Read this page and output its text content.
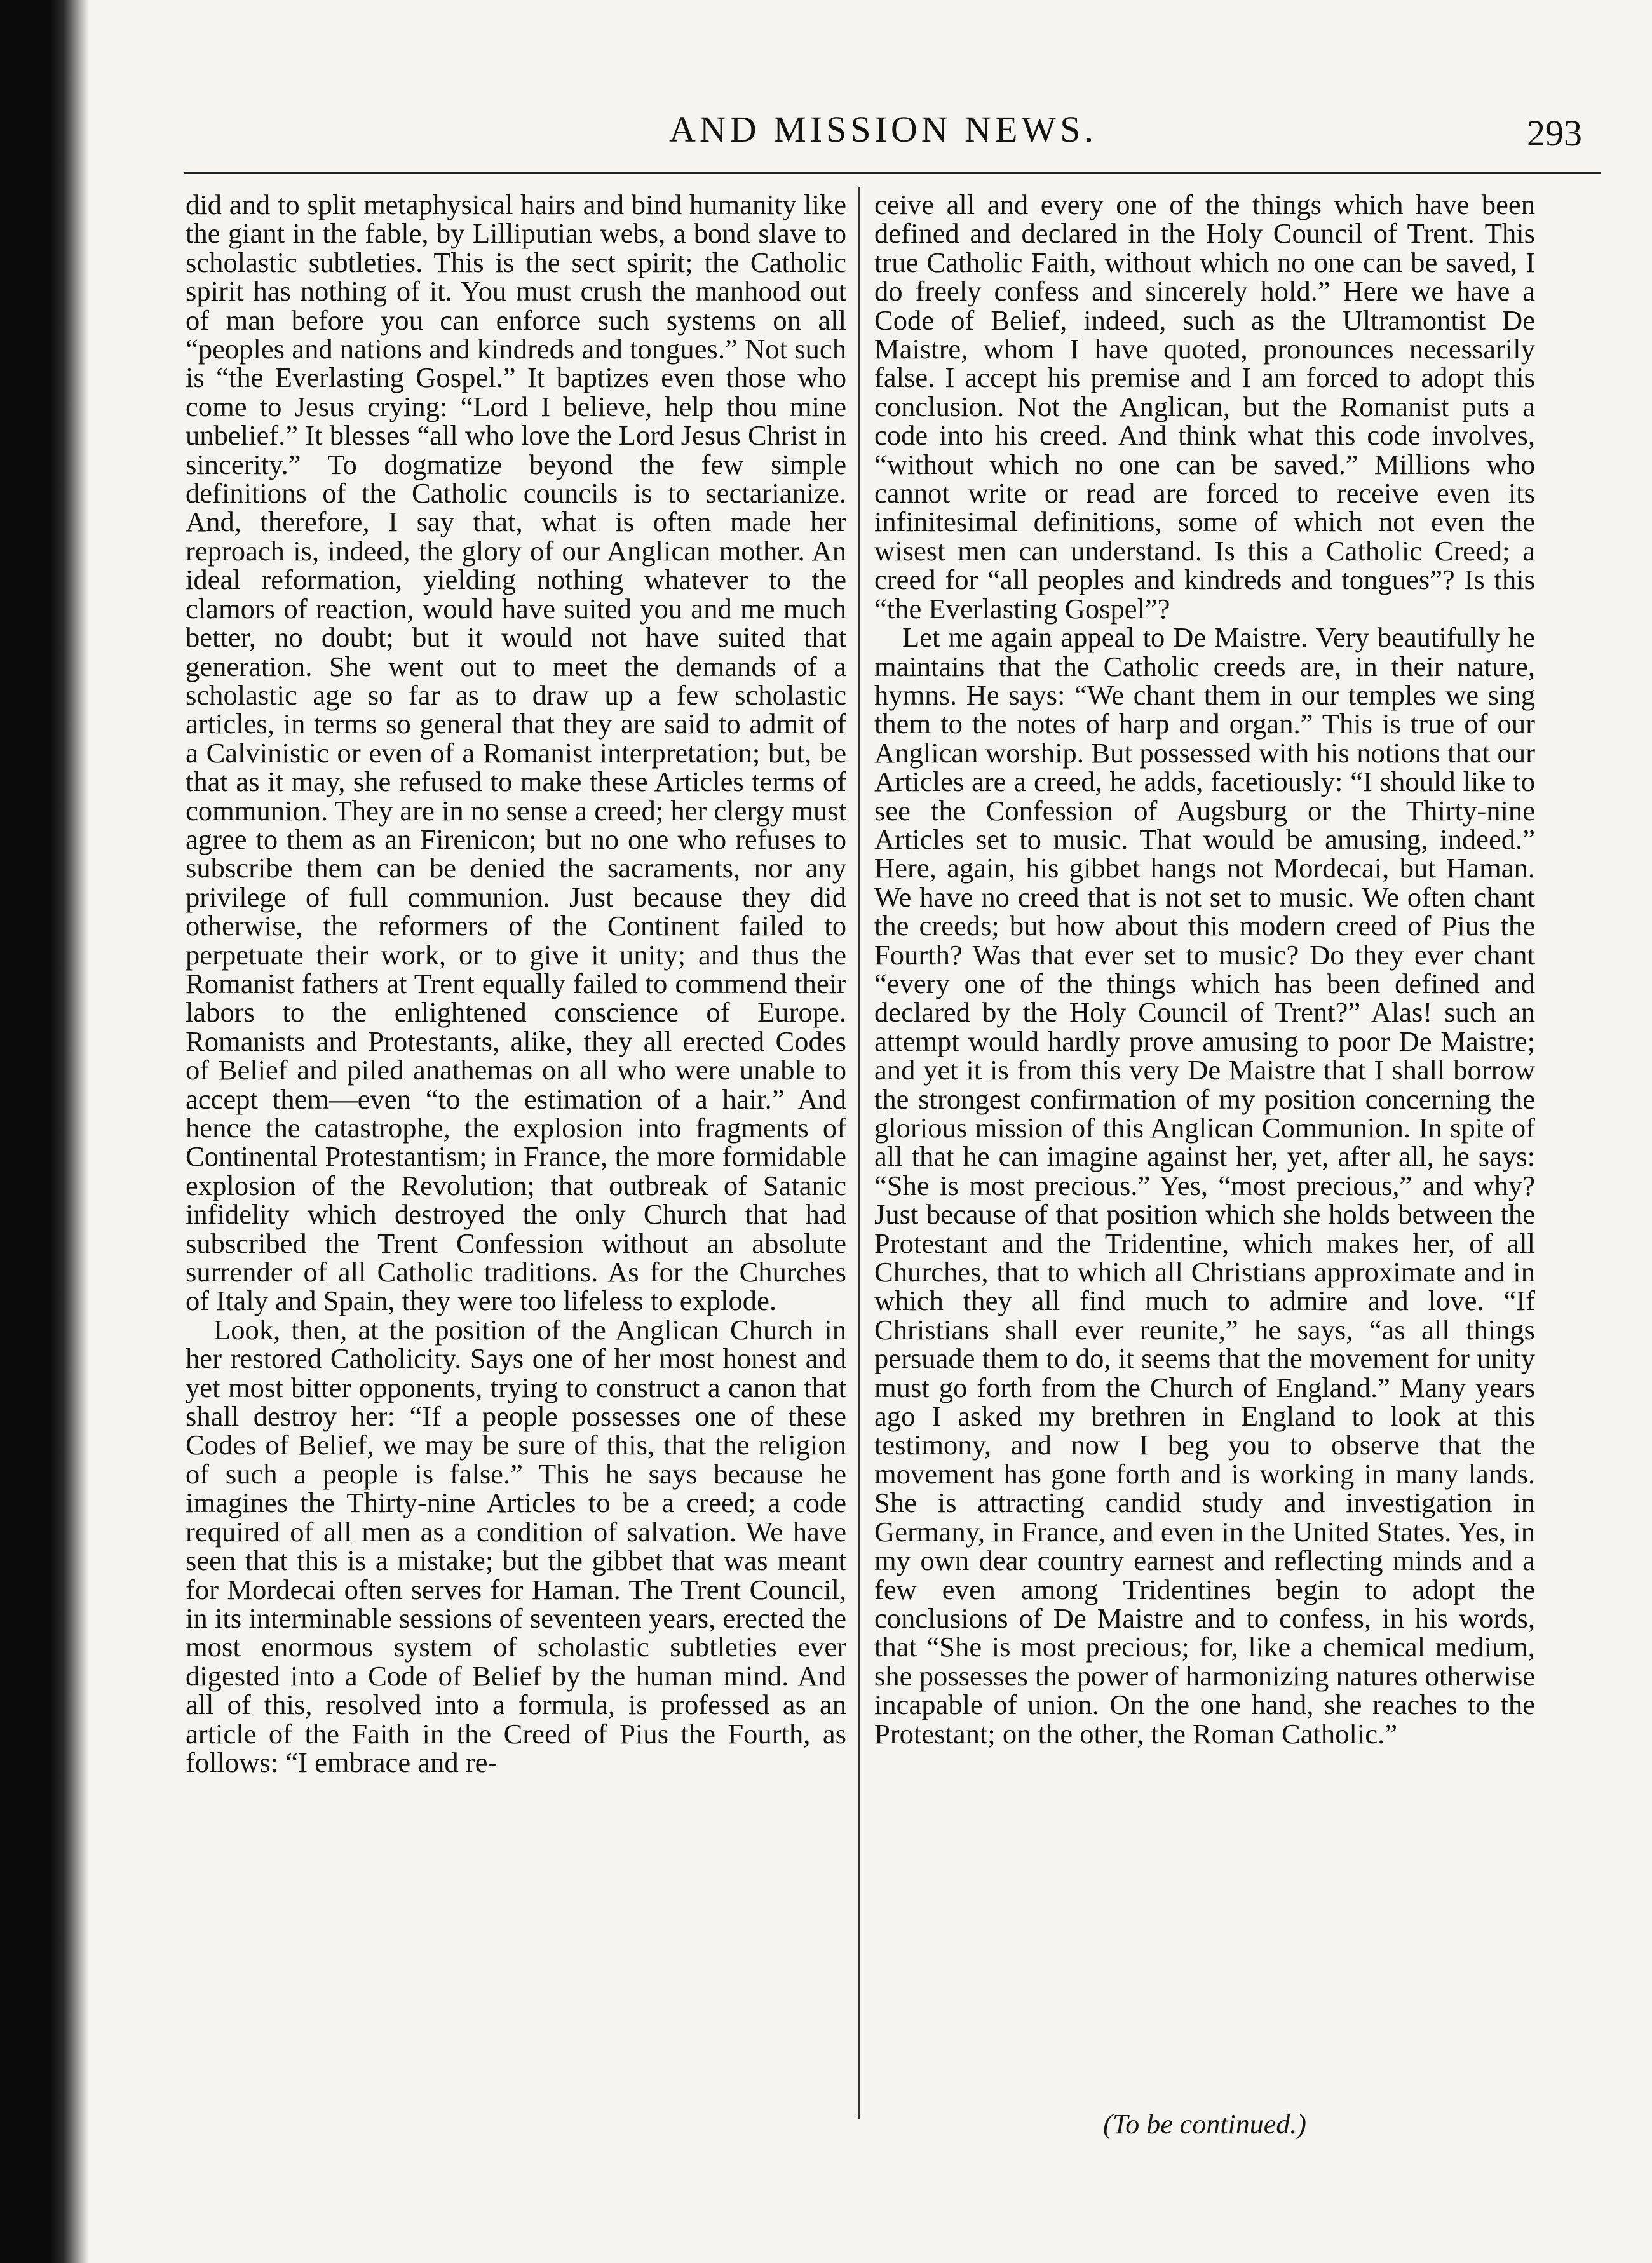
AND MISSION NEWS.	293

did and to split metaphysical hairs and bind humanity like the giant in the fable, by Lilliputian webs, a bond slave to scholastic subtleties. This is the sect spirit; the Catholic spirit has nothing of it. You must crush the manhood out of man before you can enforce such systems on all “peoples and nations and kindreds and tongues.” Not such is “the Everlasting Gospel.” It baptizes even those who come to Jesus crying: “Lord I believe, help thou mine unbelief.” It blesses “all who love the Lord Jesus Christ in sincerity.” To dogmatize beyond the few simple definitions of the Catholic councils is to sectarianize. And, therefore, I say that, what is often made her reproach is, indeed, the glory of our Anglican mother. An ideal reformation, yielding nothing whatever to the clamors of reaction, would have suited you and me much better, no doubt; but it would not have suited that generation. She went out to meet the demands of a scholastic age so far as to draw up a few scholastic articles, in terms so general that they are said to admit of a Calvinistic or even of a Romanist interpretation; but, be that as it may, she refused to make these Articles terms of communion. They are in no sense a creed; her clergy must agree to them as an Firenicon; but no one who refuses to subscribe them can be denied the sacraments, nor any privilege of full communion. Just because they did otherwise, the reformers of the Continent failed to perpetuate their work, or to give it unity; and thus the Romanist fathers at Trent equally failed to commend their labors to the enlightened conscience of Europe. Romanists and Protestants, alike, they all erected Codes of Belief and piled anathemas on all who were unable to accept them—even “to the estimation of a hair.” And hence the catastrophe, the explosion into fragments of Continental Protestantism; in France, the more formidable explosion of the Revolution; that outbreak of Satanic infidelity which destroyed the only Church that had subscribed the Trent Confession without an absolute surrender of all Catholic traditions. As for the Churches of Italy and Spain, they were too lifeless to explode.

Look, then, at the position of the Anglican Church in her restored Catholicity. Says one of her most honest and yet most bitter opponents, trying to construct a canon that shall destroy her: “If a people possesses one of these Codes of Belief, we may be sure of this, that the religion of such a people is false.” This he says because he imagines the Thirty-nine Articles to be a creed; a code required of all men as a condition of salvation. We have seen that this is a mistake; but the gibbet that was meant for Mordecai often serves for Haman. The Trent Council, in its interminable sessions of seventeen years, erected the most enormous system of scholastic subtleties ever digested into a Code of Belief by the human mind. And all of this, resolved into a formula, is professed as an article of the Faith in the Creed of Pius the Fourth, as follows: “I embrace and re-

ceive all and every one of the things which have been defined and declared in the Holy Council of Trent. This true Catholic Faith, without which no one can be saved, I do freely confess and sincerely hold.” Here we have a Code of Belief, indeed, such as the Ultramontist De Maistre, whom I have quoted, pronounces necessarily false. I accept his premise and I am forced to adopt this conclusion. Not the Anglican, but the Romanist puts a code into his creed. And think what this code involves, “without which no one can be saved.” Millions who cannot write or read are forced to receive even its infinitesimal definitions, some of which not even the wisest men can understand. Is this a Catholic Creed; a creed for “all peoples and kindreds and tongues”? Is this “the Everlasting Gospel”?

Let me again appeal to De Maistre. Very beautifully he maintains that the Catholic creeds are, in their nature, hymns. He says: “We chant them in our temples we sing them to the notes of harp and organ.” This is true of our Anglican worship. But possessed with his notions that our Articles are a creed, he adds, facetiously: “I should like to see the Confession of Augsburg or the Thirty-nine Articles set to music. That would be amusing, indeed.” Here, again, his gibbet hangs not Mordecai, but Haman. We have no creed that is not set to music. We often chant the creeds; but how about this modern creed of Pius the Fourth? Was that ever set to music? Do they ever chant “every one of the things which has been defined and declared by the Holy Council of Trent?” Alas! such an attempt would hardly prove amusing to poor De Maistre; and yet it is from this very De Maistre that I shall borrow the strongest confirmation of my position concerning the glorious mission of this Anglican Communion. In spite of all that he can imagine against her, yet, after all, he says: “She is most precious.” Yes, “most precious,” and why? Just because of that position which she holds between the Protestant and the Tridentine, which makes her, of all Churches, that to which all Christians approximate and in which they all find much to admire and love. “If Christians shall ever reunite,” he says, “as all things persuade them to do, it seems that the movement for unity must go forth from the Church of England.” Many years ago I asked my brethren in England to look at this testimony, and now I beg you to observe that the movement has gone forth and is working in many lands. She is attracting candid study and investigation in Germany, in France, and even in the United States. Yes, in my own dear country earnest and reflecting minds and a few even among Tridentines begin to adopt the conclusions of De Maistre and to confess, in his words, that “She is most precious; for, like a chemical medium, she possesses the power of harmonizing natures otherwise incapable of union. On the one hand, she reaches to the Protestant; on the other, the Roman Catholic.”

(To be continued.)
